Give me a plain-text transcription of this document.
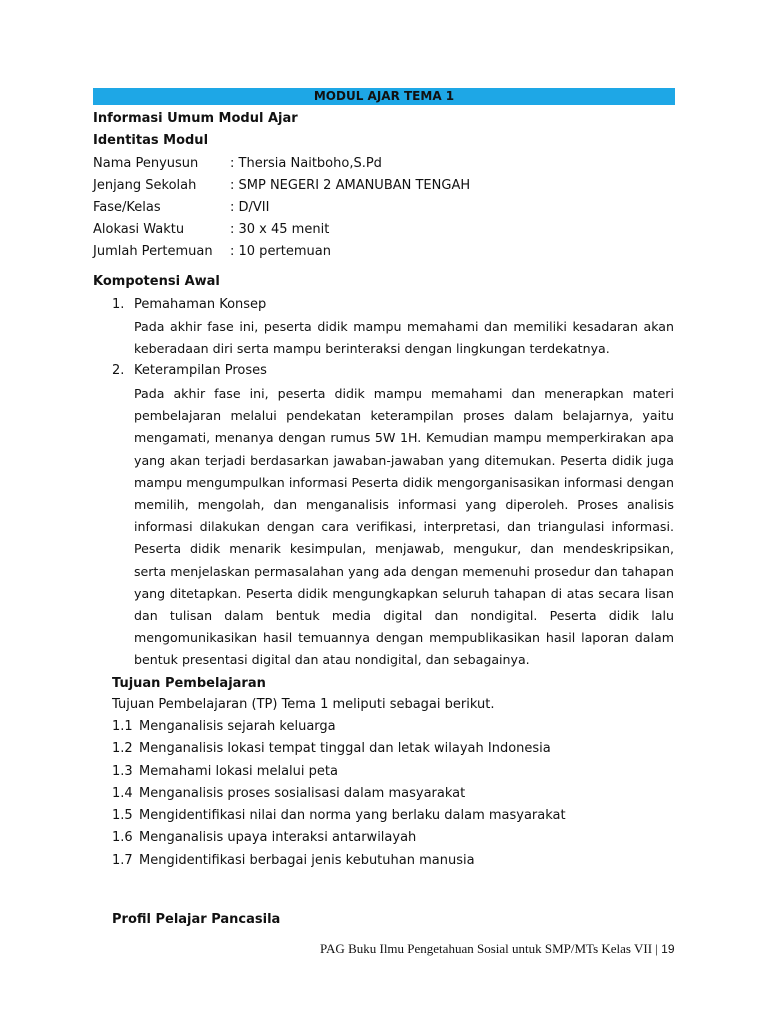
MODUL AJAR TEMA 1
Informasi Umum Modul Ajar
Identitas Modul
Nama Penyusun : Thersia Naitboho,S.Pd
Jenjang Sekolah	: SMP NEGERI 2 AMANUBAN TENGAH
Fase/Kelas	: D/VII
Alokasi Waktu	: 30 x 45 menit
Jumlah Pertemuan : 10 pertemuan
Kompotensi Awal
1. Pemahaman Konsep

Pada akhir fase ini, peserta didik mampu memahami dan memiliki kesadaran akan keberadaan diri serta mampu berinteraksi dengan lingkungan terdekatnya.

2. Keterampilan Proses

Pada akhir fase ini, peserta didik mampu memahami dan menerapkan materi pembelajaran melalui pendekatan keterampilan proses dalam belajarnya, yaitu mengamati, menanya dengan rumus 5W 1H. Kemudian mampu memperkirakan apa yang akan terjadi berdasarkan jawaban-jawaban yang ditemukan. Peserta didik juga mampu mengumpulkan informasi Peserta didik mengorganisasikan informasi dengan memilih, mengolah, dan menganalisis informasi yang diperoleh. Proses analisis informasi dilakukan dengan cara verifikasi, interpretasi, dan triangulasi informasi. Peserta didik menarik kesimpulan, menjawab, mengukur, dan mendeskripsikan, serta menjelaskan permasalahan yang ada dengan memenuhi prosedur dan tahapan yang ditetapkan. Peserta didik mengungkapkan seluruh tahapan di atas secara lisan dan tulisan dalam bentuk media digital dan nondigital. Peserta didik lalu mengomunikasikan hasil temuannya dengan mempublikasikan hasil laporan dalam bentuk presentasi digital dan atau nondigital, dan sebagainya.

Tujuan Pembelajaran
Tujuan Pembelajaran (TP) Tema 1 meliputi sebagai berikut.
1.1 Menganalisis sejarah keluarga
1.2 Menganalisis lokasi tempat tinggal dan letak wilayah Indonesia
1.3 Memahami lokasi melalui peta
1.4 Menganalisis proses sosialisasi dalam masyarakat
1.5 Mengidentifikasi nilai dan norma yang berlaku dalam masyarakat
1.6 Menganalisis upaya interaksi antarwilayah
1.7 Mengidentifikasi berbagai jenis kebutuhan manusia
Profil Pelajar Pancasila
PAG Buku Ilmu Pengetahuan Sosial untuk SMP/MTs Kelas VII | 19
